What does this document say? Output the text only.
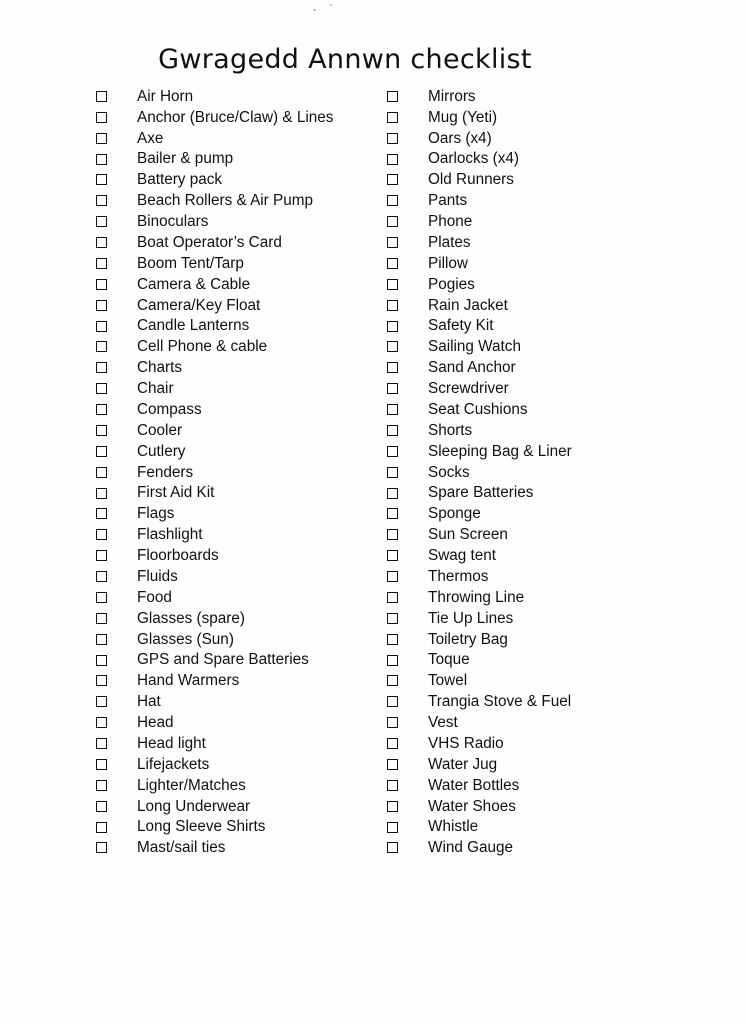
Gwragedd Annwn checklist
Air Horn
Anchor (Bruce/Claw) & Lines
Axe
Bailer & pump
Battery pack
Beach Rollers & Air Pump
Binoculars
Boat Operator’s Card
Boom Tent/Tarp
Camera & Cable
Camera/Key Float
Candle Lanterns
Cell Phone & cable
Charts
Chair
Compass
Cooler
Cutlery
Fenders
First Aid Kit
Flags
Flashlight
Floorboards
Fluids
Food
Glasses (spare)
Glasses (Sun)
GPS and Spare Batteries
Hand Warmers
Hat
Head
Head light
Lifejackets
Lighter/Matches
Long Underwear
Long Sleeve Shirts
Mast/sail ties
Mirrors
Mug (Yeti)
Oars (x4)
Oarlocks (x4)
Old Runners
Pants
Phone
Plates
Pillow
Pogies
Rain Jacket
Safety Kit
Sailing Watch
Sand Anchor
Screwdriver
Seat Cushions
Shorts
Sleeping Bag & Liner
Socks
Spare Batteries
Sponge
Sun Screen
Swag tent
Thermos
Throwing Line
Tie Up Lines
Toiletry Bag
Toque
Towel
Trangia Stove & Fuel
Vest
VHS Radio
Water Jug
Water Bottles
Water Shoes
Whistle
Wind Gauge
